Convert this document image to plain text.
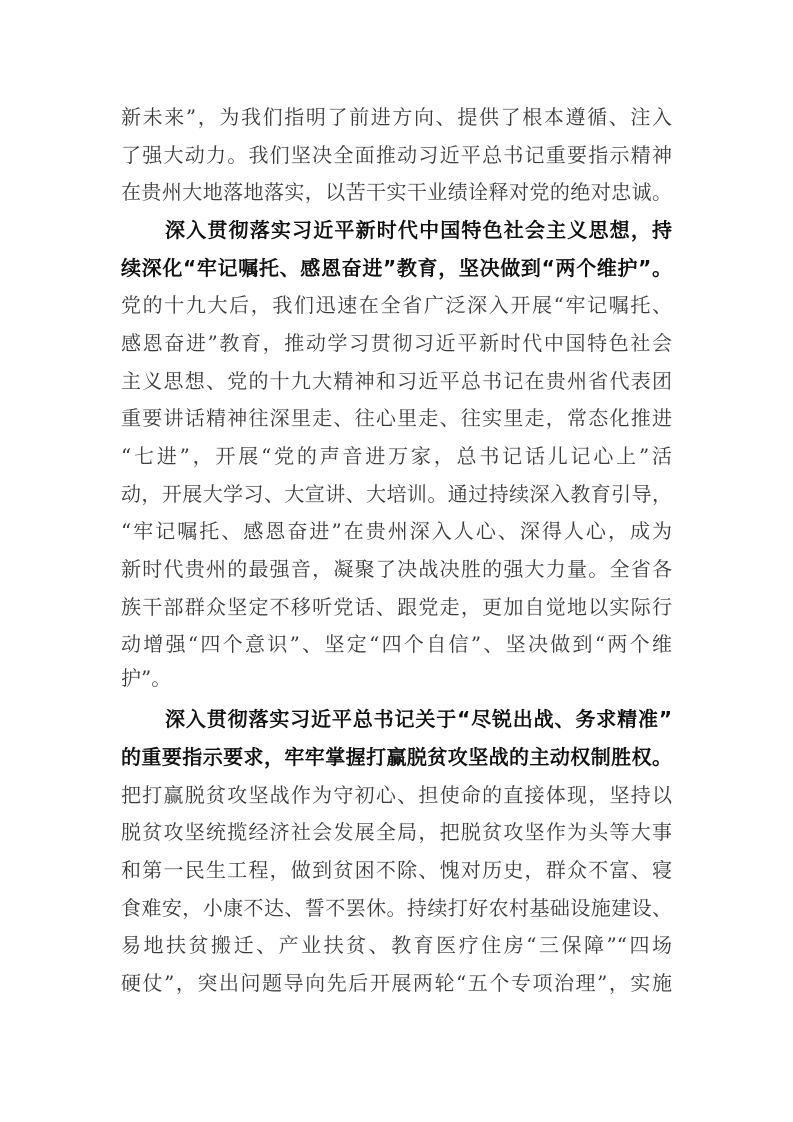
新未来”，为我们指明了前进方向、提供了根本遵循、注入
了强大动力。我们坚决全面推动习近平总书记重要指示精神
在贵州大地落地落实，以苦干实干业绩诠释对党的绝对忠诚。
深入贯彻落实习近平新时代中国特色社会主义思想，持
续深化“牢记嘱托、感恩奋进”教育，坚决做到“两个维护”。
党的十九大后，我们迅速在全省广泛深入开展“牢记嘱托、
感恩奋进”教育，推动学习贯彻习近平新时代中国特色社会
主义思想、党的十九大精神和习近平总书记在贵州省代表团
重要讲话精神往深里走、往心里走、往实里走，常态化推进
“七进”，开展“党的声音进万家，总书记话儿记心上”活
动，开展大学习、大宣讲、大培训。通过持续深入教育引导，
“牢记嘱托、感恩奋进”在贵州深入人心、深得人心，成为
新时代贵州的最强音，凝聚了决战决胜的强大力量。全省各
族干部群众坚定不移听党话、跟党走，更加自觉地以实际行
动增强“四个意识”、坚定“四个自信”、坚决做到“两个维
护”。
深入贯彻落实习近平总书记关于“尽锐出战、务求精准”
的重要指示要求，牢牢掌握打赢脱贫攻坚战的主动权制胜权。
把打赢脱贫攻坚战作为守初心、担使命的直接体现，坚持以
脱贫攻坚统揽经济社会发展全局，把脱贫攻坚作为头等大事
和第一民生工程，做到贫困不除、愧对历史，群众不富、寝
食难安，小康不达、誓不罢休。持续打好农村基础设施建设、
易地扶贫搬迁、产业扶贫、教育医疗住房“三保障”“四场
硬仗”，突出问题导向先后开展两轮“五个专项治理”，实施
